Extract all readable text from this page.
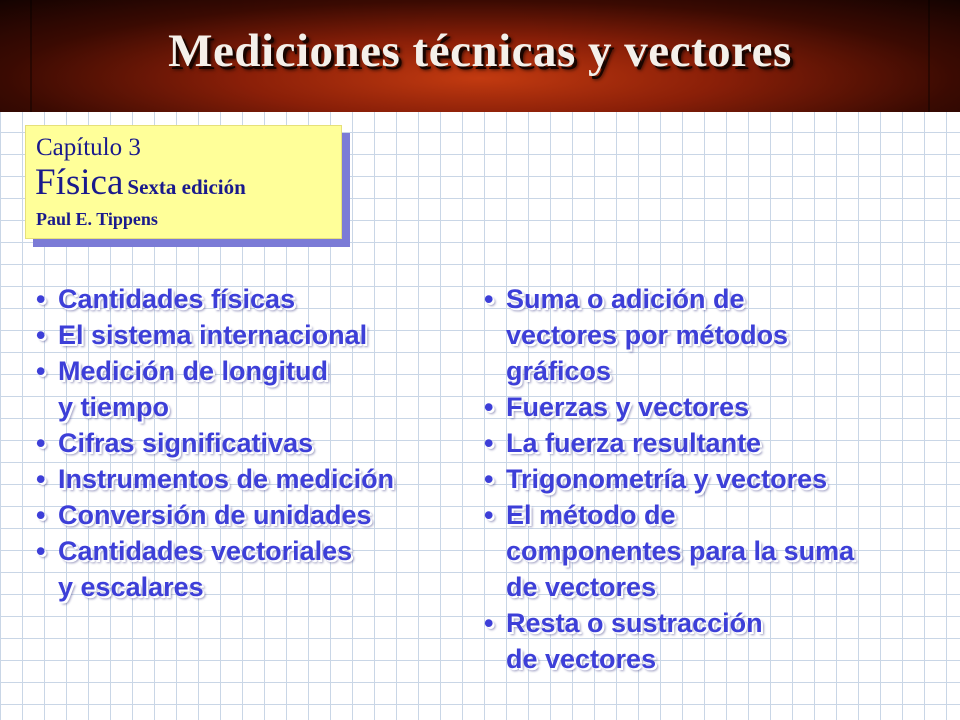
Mediciones técnicas y vectores
Capítulo 3
Física Sexta edición
Paul E. Tippens
• Cantidades físicas
• El sistema internacional
• Medición de longitud
y tiempo
• Cifras significativas
• Instrumentos de medición
• Conversión de unidades
• Cantidades vectoriales
y escalares
• Suma o adición de
vectores por métodos
gráficos
• Fuerzas y vectores
• La fuerza resultante
• Trigonometría y vectores
• El método de
componentes para la suma
de vectores
• Resta o sustracción
de vectores
